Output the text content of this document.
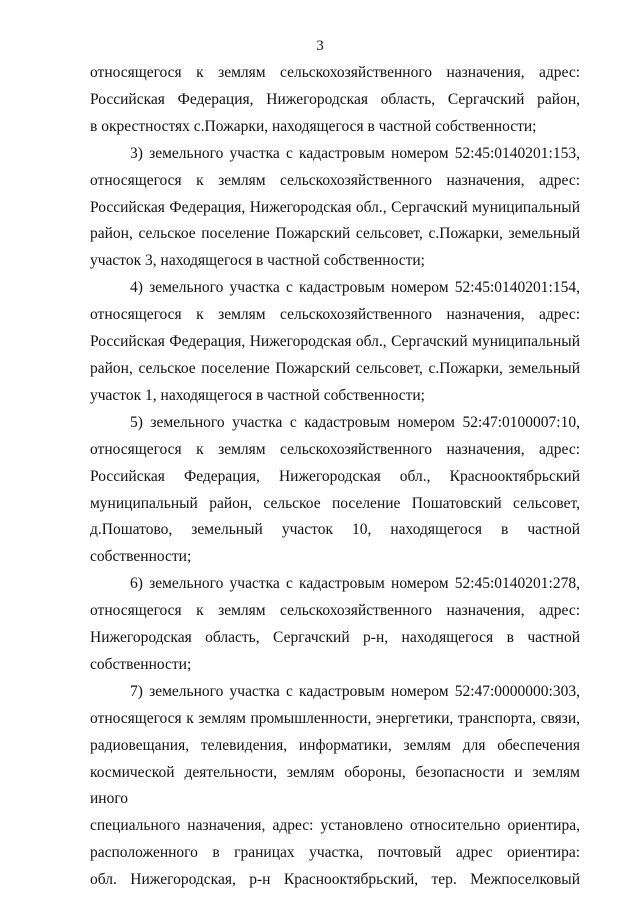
3
относящегося к землям сельскохозяйственного назначения, адрес:
Российская Федерация, Нижегородская область, Сергачский район,
в окрестностях с.Пожарки, находящегося в частной собственности;
3) земельного участка с кадастровым номером 52:45:0140201:153,
относящегося к землям сельскохозяйственного назначения, адрес:
Российская Федерация, Нижегородская обл., Сергачский муниципальный
район, сельское поселение Пожарский сельсовет, с.Пожарки, земельный
участок 3, находящегося в частной собственности;
4) земельного участка с кадастровым номером 52:45:0140201:154,
относящегося к землям сельскохозяйственного назначения, адрес:
Российская Федерация, Нижегородская обл., Сергачский муниципальный
район, сельское поселение Пожарский сельсовет, с.Пожарки, земельный
участок 1, находящегося в частной собственности;
5) земельного участка с кадастровым номером 52:47:0100007:10,
относящегося к землям сельскохозяйственного назначения, адрес:
Российская Федерация, Нижегородская обл., Краснооктябрьский
муниципальный район, сельское поселение Пошатовский сельсовет,
д.Пошатово, земельный участок 10, находящегося в частной
собственности;
6) земельного участка с кадастровым номером 52:45:0140201:278,
относящегося к землям сельскохозяйственного назначения, адрес:
Нижегородская область, Сергачский р-н, находящегося в частной
собственности;
7) земельного участка с кадастровым номером 52:47:0000000:303,
относящегося к землям промышленности, энергетики, транспорта, связи,
радиовещания, телевидения, информатики, землям для обеспечения
космической деятельности, землям обороны, безопасности и землям иного
специального назначения, адрес: установлено относительно ориентира,
расположенного в границах участка, почтовый адрес ориентира:
обл. Нижегородская, р-н Краснооктябрьский, тер. Межпоселковый
